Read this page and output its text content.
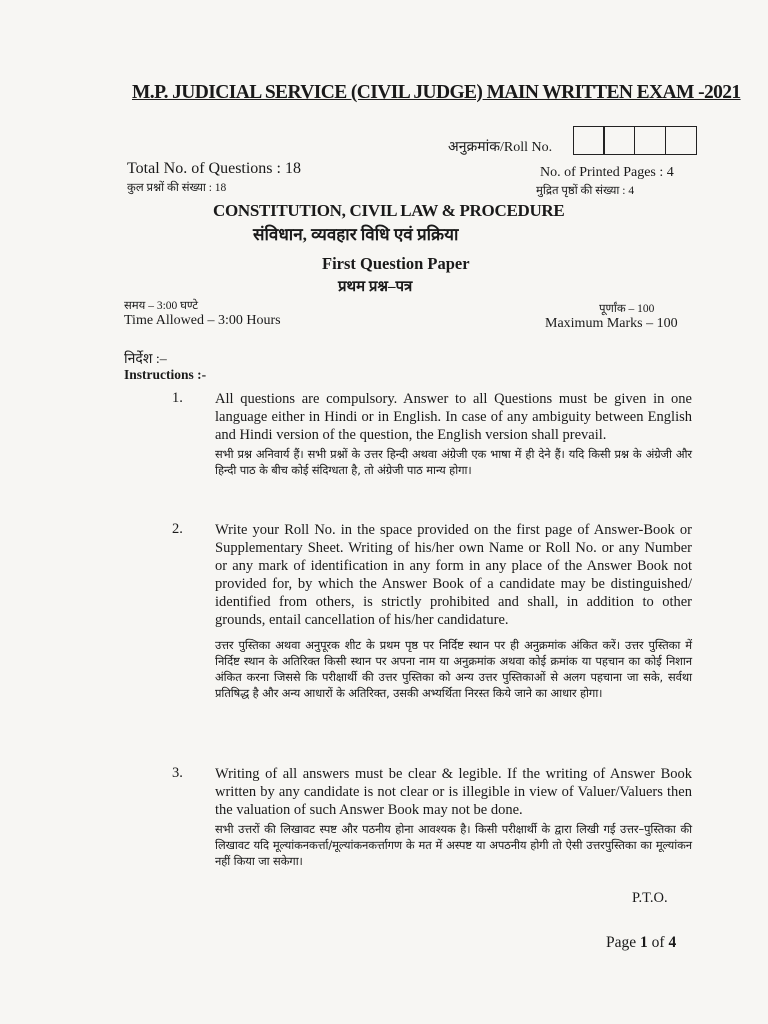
M.P. JUDICIAL SERVICE (CIVIL JUDGE) MAIN WRITTEN EXAM -2021
अनुक्रमांक/Roll No.
Total No. of Questions : 18
कुल प्रश्नों की संख्या : 18
No. of Printed Pages : 4
मुद्रित पृष्ठों की संख्या : 4
CONSTITUTION, CIVIL LAW & PROCEDURE
संविधान, व्यवहार विधि एवं प्रक्रिया
First Question Paper
प्रथम प्रश्न–पत्र
समय – 3:00 घण्टे
Time Allowed – 3:00 Hours
पूर्णांक – 100
Maximum Marks – 100
निर्देश :–
Instructions :-
1. All questions are compulsory. Answer to all Questions must be given in one language either in Hindi or in English. In case of any ambiguity between English and Hindi version of the question, the English version shall prevail.

सभी प्रश्न अनिवार्य हैं। सभी प्रश्नों के उत्तर हिन्दी अथवा अंग्रेजी एक भाषा में ही देने हैं। यदि किसी प्रश्न के अंग्रेजी और हिन्दी पाठ के बीच कोई संदिग्धता है, तो अंग्रेजी पाठ मान्य होगा।

2. Write your Roll No. in the space provided on the first page of Answer-Book or Supplementary Sheet. Writing of his/her own Name or Roll No. or any Number or any mark of identification in any form in any place of the Answer Book not provided for, by which the Answer Book of a candidate may be distinguished/ identified from others, is strictly prohibited and shall, in addition to other grounds, entail cancellation of his/her candidature.

उत्तर पुस्तिका अथवा अनुपूरक शीट के प्रथम पृष्ठ पर निर्दिष्ट स्थान पर ही अनुक्रमांक अंकित करें। उत्तर पुस्तिका में निर्दिष्ट स्थान के अतिरिक्त किसी स्थान पर अपना नाम या अनुक्रमांक अथवा कोई क्रमांक या पहचान का कोई निशान अंकित करना जिससे कि परीक्षार्थी की उत्तर पुस्तिका को अन्य उत्तर पुस्तिकाओं से अलग पहचाना जा सके, सर्वथा प्रतिषिद्ध है और अन्य आधारों के अतिरिक्त, उसकी अभ्यर्थिता निरस्त किये जाने का आधार होगा।

3. Writing of all answers must be clear & legible. If the writing of Answer Book written by any candidate is not clear or is illegible in view of Valuer/Valuers then the valuation of such Answer Book may not be done.

सभी उत्तरों की लिखावट स्पष्ट और पठनीय होना आवश्यक है। किसी परीक्षार्थी के द्वारा लिखी गई उत्तर–पुस्तिका की लिखावट यदि मूल्यांकनकर्त्ता/मूल्यांकनकर्त्तागण के मत में अस्पष्ट या अपठनीय होगी तो ऐसी उत्तरपुस्तिका का मूल्यांकन नहीं किया जा सकेगा।

P.T.O.
Page 1 of 4
